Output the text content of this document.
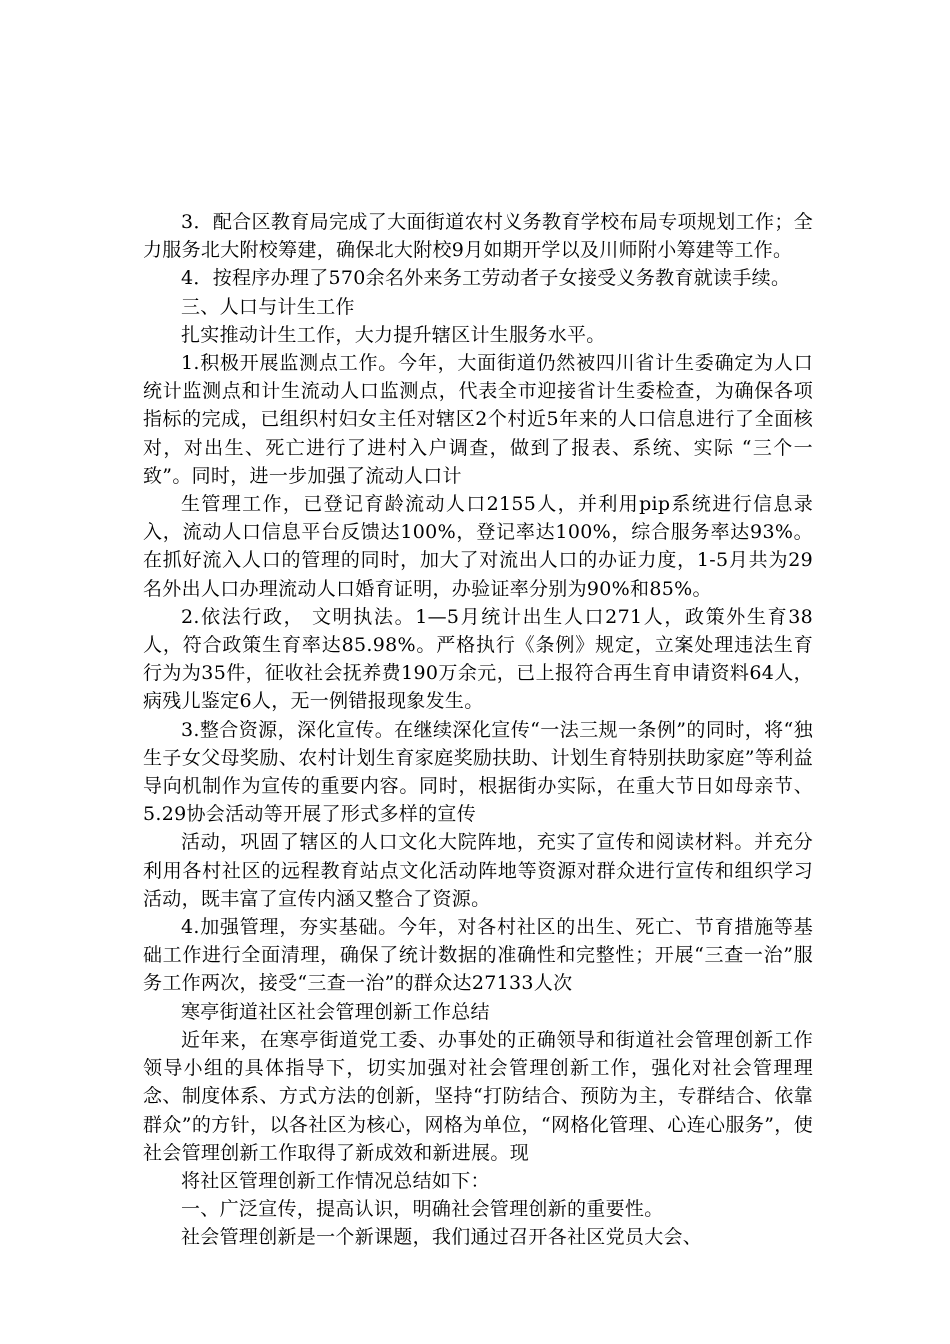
3．配合区教育局完成了大面街道农村义务教育学校布局专项规划工作；全力服务北大附校筹建，确保北大附校9月如期开学以及川师附小筹建等工作。

4．按程序办理了570余名外来务工劳动者子女接受义务教育就读手续。

三、人口与计生工作

扎实推动计生工作，大力提升辖区计生服务水平。

1.积极开展监测点工作。今年，大面街道仍然被四川省计生委确定为人口统计监测点和计生流动人口监测点，代表全市迎接省计生委检查，为确保各项指标的完成，已组织村妇女主任对辖区2个村近5年来的人口信息进行了全面核对，对出生、死亡进行了进村入户调查，做到了报表、系统、实际 “三个一致”。同时，进一步加强了流动人口计

生管理工作，已登记育龄流动人口2155人，并利用pip系统进行信息录入，流动人口信息平台反馈达100%，登记率达100%，综合服务率达93%。在抓好流入人口的管理的同时，加大了对流出人口的办证力度，1-5月共为29名外出人口办理流动人口婚育证明，办验证率分别为90%和85%。

2.依法行政， 文明执法。1—5月统计出生人口271人，政策外生育38人，符合政策生育率达85.98%。严格执行《条例》规定，立案处理违法生育行为为35件，征收社会抚养费190万余元，已上报符合再生育申请资料64人，病残儿鉴定6人，无一例错报现象发生。

3.整合资源，深化宣传。在继续深化宣传“一法三规一条例”的同时，将“独生子女父母奖励、农村计划生育家庭奖励扶助、计划生育特别扶助家庭”等利益导向机制作为宣传的重要内容。同时，根据街办实际，在重大节日如母亲节、5.29协会活动等开展了形式多样的宣传

活动，巩固了辖区的人口文化大院阵地，充实了宣传和阅读材料。并充分利用各村社区的远程教育站点文化活动阵地等资源对群众进行宣传和组织学习活动，既丰富了宣传内涵又整合了资源。

4.加强管理，夯实基础。今年，对各村社区的出生、死亡、节育措施等基础工作进行全面清理，确保了统计数据的准确性和完整性；开展“三查一治”服务工作两次，接受“三查一治”的群众达27133人次

寒亭街道社区社会管理创新工作总结

近年来，在寒亭街道党工委、办事处的正确领导和街道社会管理创新工作领导小组的具体指导下，切实加强对社会管理创新工作，强化对社会管理理念、制度体系、方式方法的创新，坚持“打防结合、预防为主，专群结合、依靠群众”的方针，以各社区为核心，网格为单位，“网格化管理、心连心服务”，使社会管理创新工作取得了新成效和新进展。现

将社区管理创新工作情况总结如下：

一、广泛宣传，提高认识，明确社会管理创新的重要性。

社会管理创新是一个新课题，我们通过召开各社区党员大会、
